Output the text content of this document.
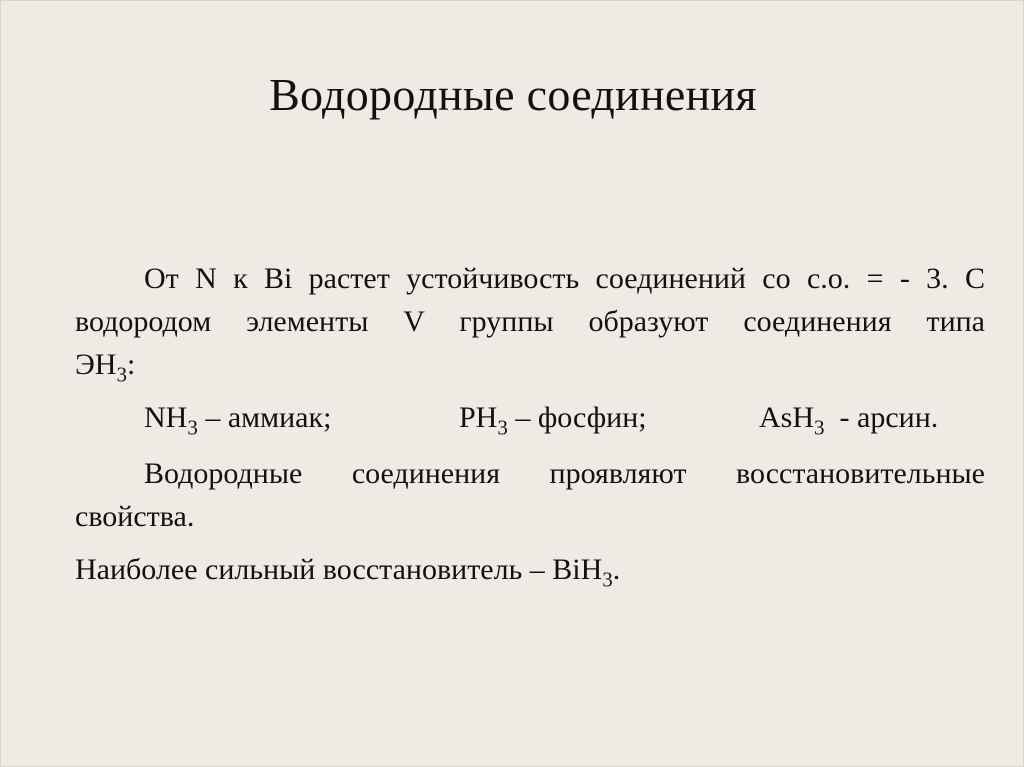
Водородные соединения
От N к Bi растет устойчивость соединений со с.о. = - 3. С
водородом элементы V группы образуют соединения типа
$ЭН_3$:
$NH_3$ – аммиак;	$PH_3$ – фосфин;	AsH$_3$  - арсин.
Водородные соединения проявляют восстановительные
свойства.
Наиболее сильный восстановитель – BiH$_3$.
